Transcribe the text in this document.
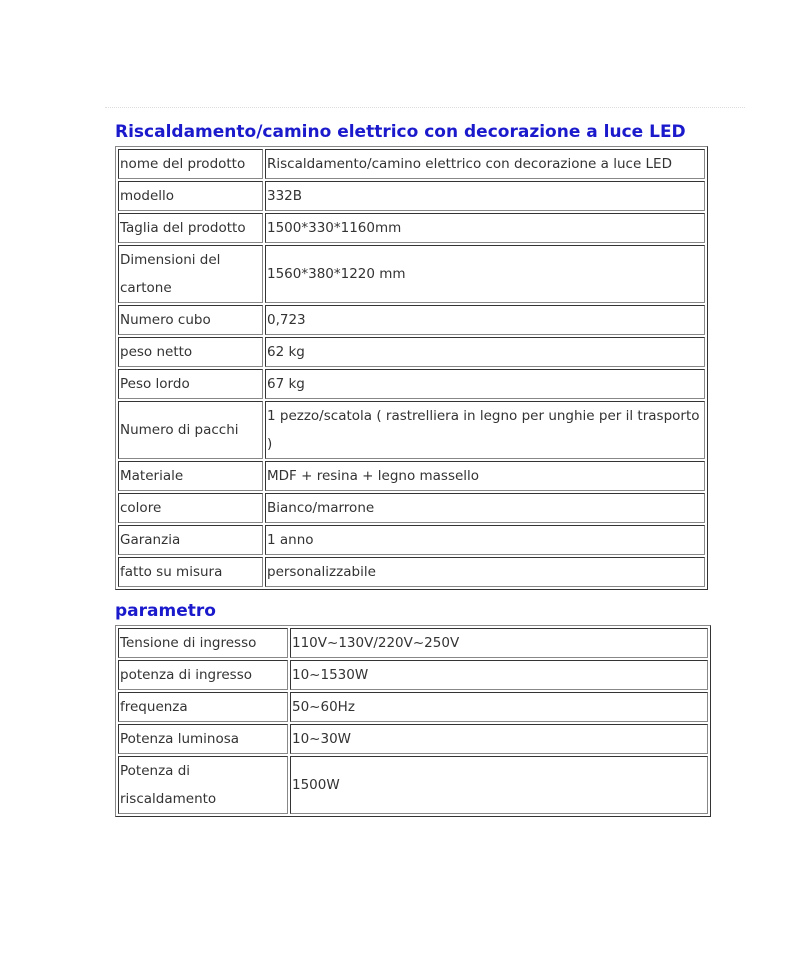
Riscaldamento/camino elettrico con decorazione a luce LED
nome del prodotto	Riscaldamento/camino elettrico con decorazione a luce LED
modello	332B
Taglia del prodotto	1500*330*1160mm
Dimensioni del cartone	1560*380*1220 mm
Numero cubo	0,723
peso netto	62 kg
Peso lordo	67 kg
Numero di pacchi	1 pezzo/scatola ( rastrelliera in legno per unghie per il trasporto )
Materiale	MDF + resina + legno massello
colore	Bianco/marrone
Garanzia	1 anno
fatto su misura	personalizzabile
parametro
Tensione di ingresso	110V~130V/220V~250V
potenza di ingresso	10~1530W
frequenza	50~60Hz
Potenza luminosa	10~30W
Potenza di riscaldamento	1500W
